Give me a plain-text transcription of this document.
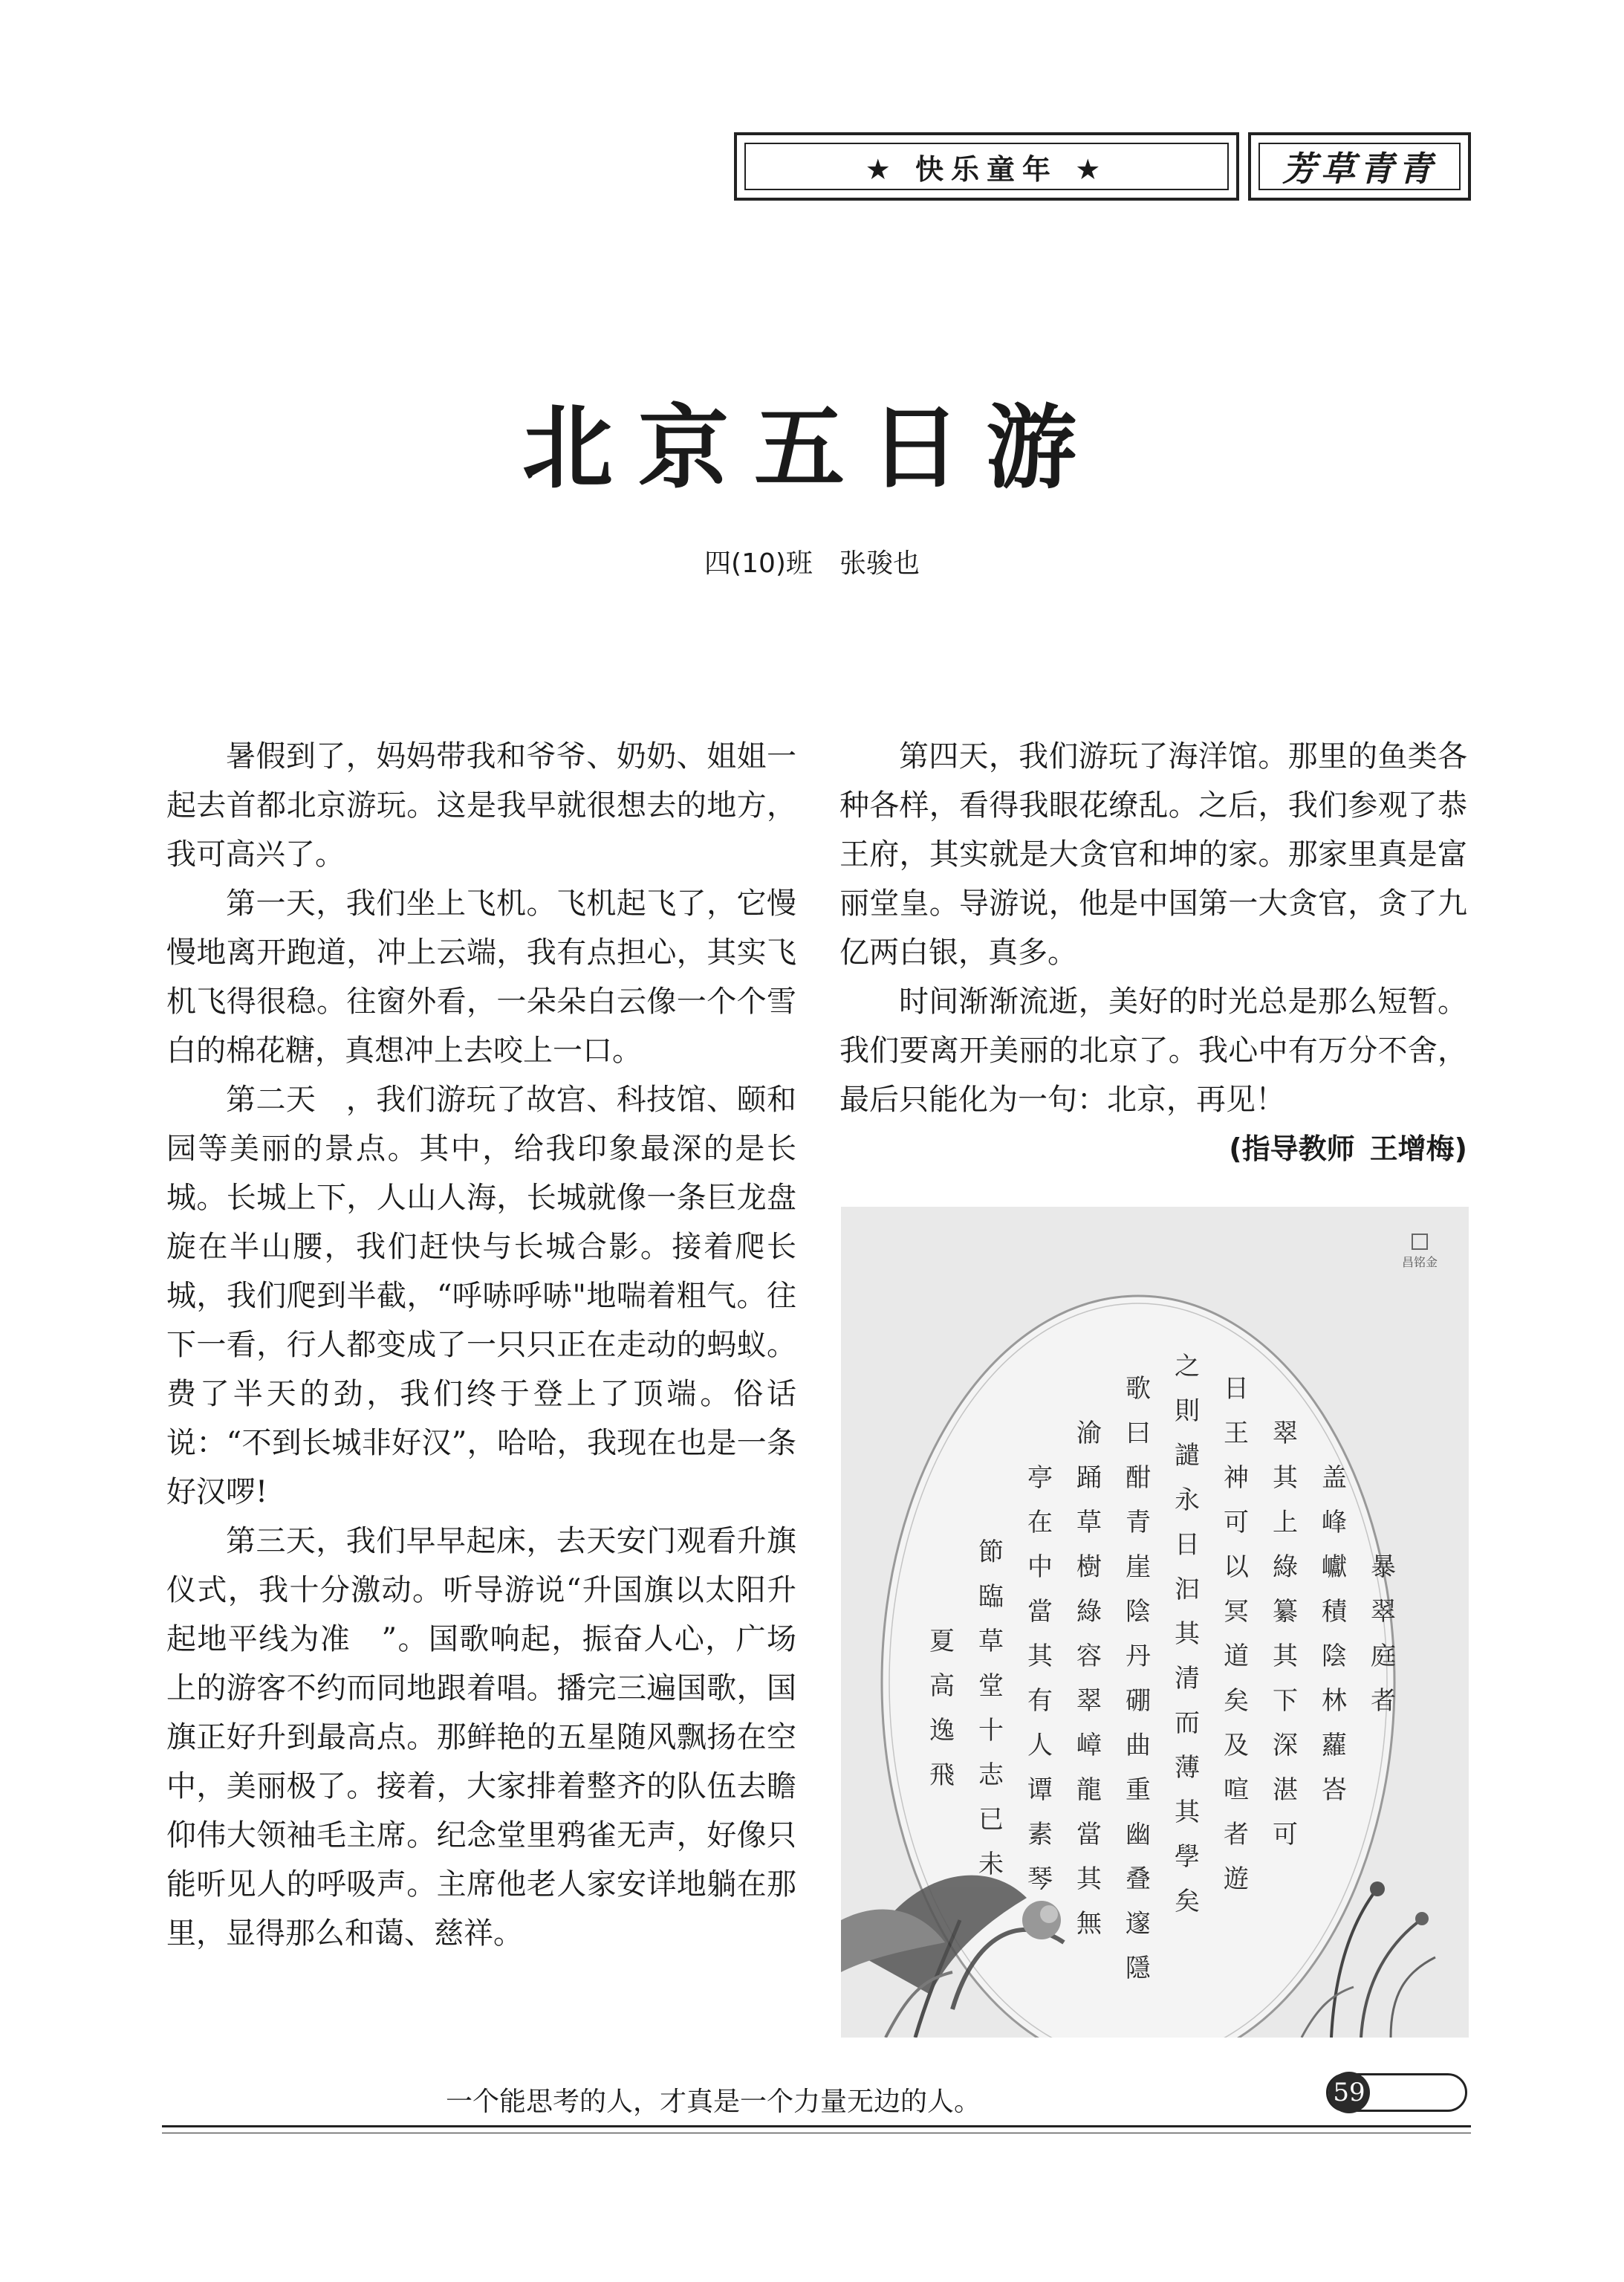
★ 快乐童年 ★	芳草青青
北京五日游
四(10)班 张骏也

暑假到了，妈妈带我和爷爷、奶奶、姐姐一起去首都北京游玩。这是我早就很想去的地方，我可高兴了。

第一天，我们坐上飞机。飞机起飞了，它慢慢地离开跑道，冲上云端，我有点担心，其实飞机飞得很稳。往窗外看，一朵朵白云像一个个雪白的棉花糖，真想冲上去咬上一口。

第二天　，我们游玩了故宫、科技馆、颐和园等美丽的景点。其中，给我印象最深的是长城。长城上下，人山人海，长城就像一条巨龙盘旋在半山腰，我们赶快与长城合影。接着爬长城，我们爬到半截，“呼哧呼哧"地喘着粗气。往下一看，行人都变成了一只只正在走动的蚂蚁。费了半天的劲，我们终于登上了顶端。俗话说：“不到长城非好汉”，哈哈，我现在也是一条好汉啰!

第三天，我们早早起床，去天安门观看升旗仪式，我十分激动。听导游说“升国旗以太阳升起地平线为准　”。国歌响起，振奋人心，广场上的游客不约而同地跟着唱。播完三遍国歌，国旗正好升到最高点。那鲜艳的五星随风飘扬在空中，美丽极了。接着，大家排着整齐的队伍去瞻仰伟大领袖毛主席。纪念堂里鸦雀无声，好像只能听见人的呼吸声。主席他老人家安详地躺在那里，显得那么和蔼、慈祥。

第四天，我们游玩了海洋馆。那里的鱼类各种各样，看得我眼花缭乱。之后，我们参观了恭王府，其实就是大贪官和坤的家。那家里真是富丽堂皇。导游说，他是中国第一大贪官，贪了九亿两白银，真多。

时间渐渐流逝，美好的时光总是那么短暂。我们要离开美丽的北京了。我心中有万分不舍，最后只能化为一句：北京，再见！

(指导教师 王增梅)
昌铭金
暴
翠
庭
者
盖
峰
巘
積
陰
林
蘿
峇
翠
其
上
綠
纂
其
下
深
湛
可
日
王
神
可
以
冥
道
矣
及
喧
者
遊
之
則
譴
永
日
汩
其
清
而
薄
其
學
矣
歌
曰
酣
青
崖
陰
丹
硼
曲
重
幽
叠
邃
隱
渝
踊
草
樹
綠
容
翠
嶂
龍
當
其
無
亭
在
中
當
其
有
人
谭
素
琴
節
臨
草
堂
十
志
已
未
夏
高
逸
飛
一个能思考的人，才真是一个力量无边的人。	59
